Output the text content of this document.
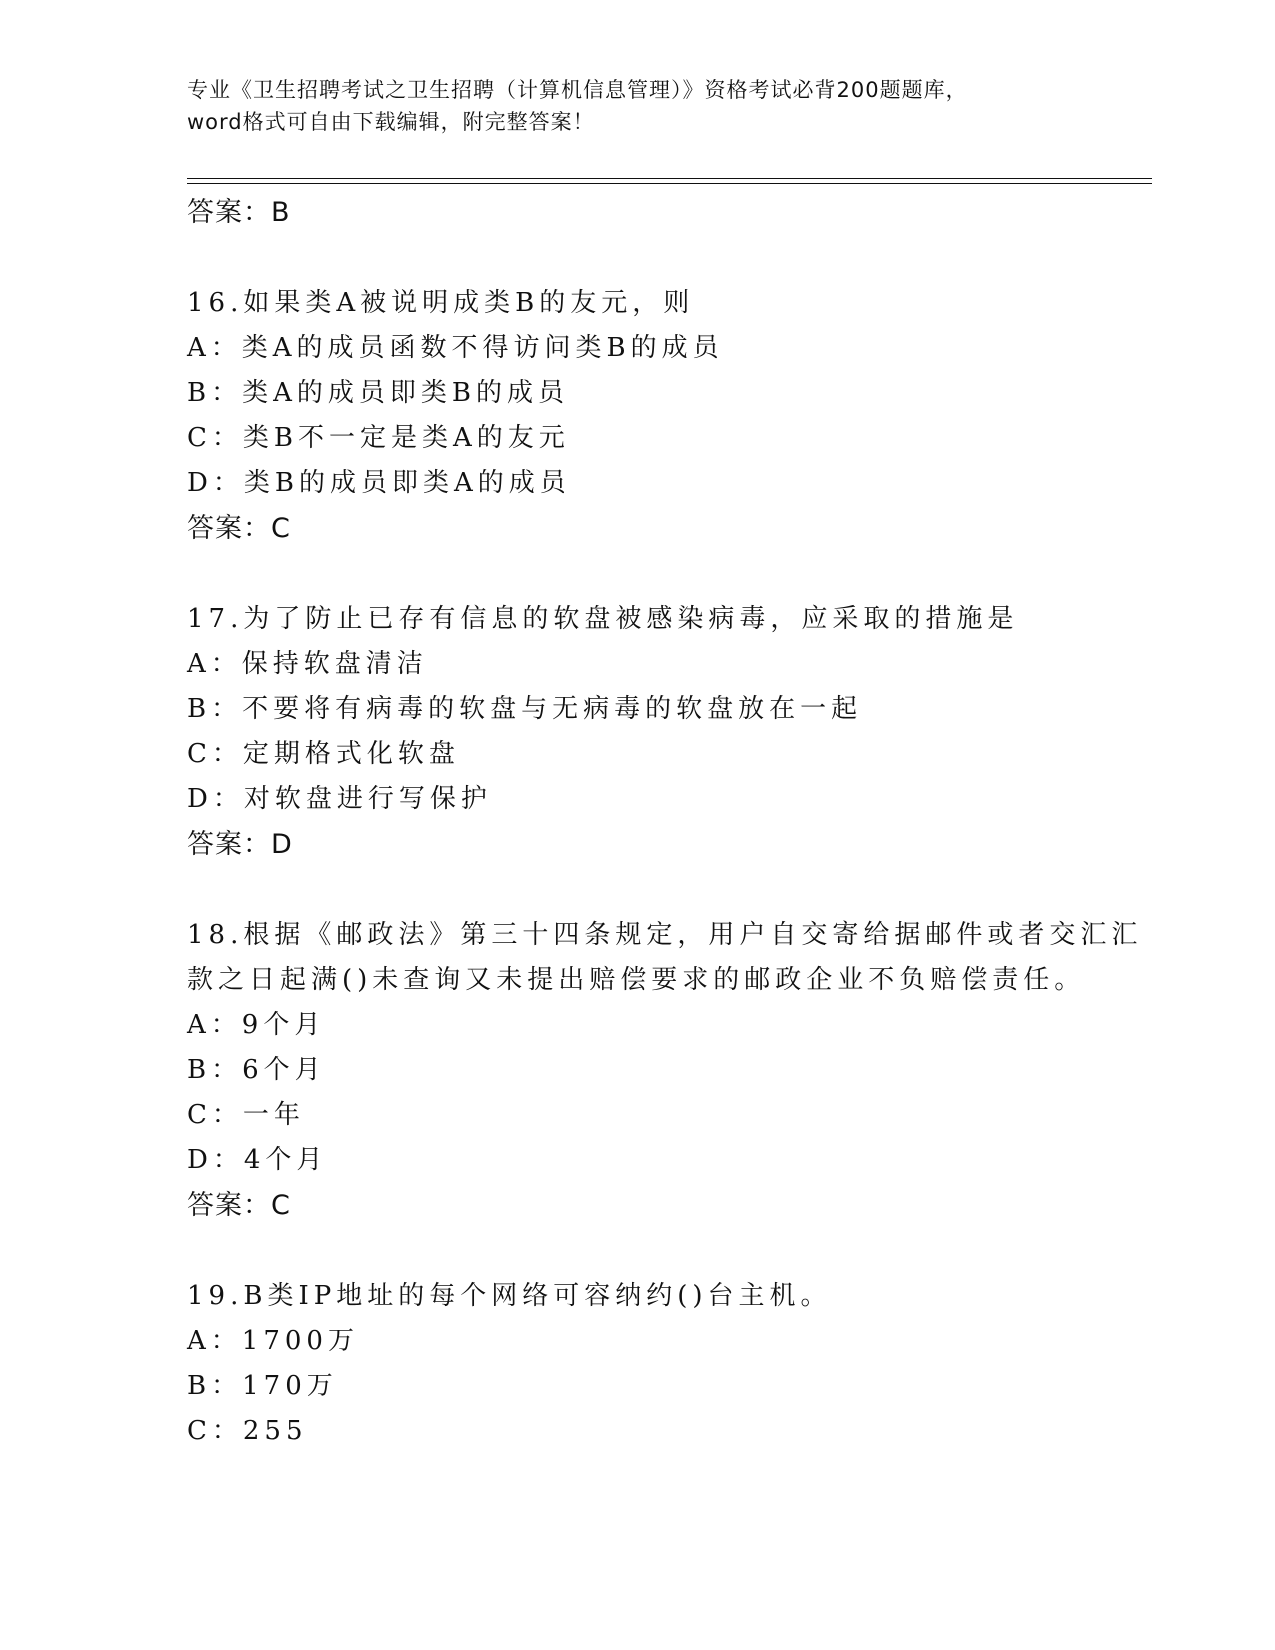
专业《卫生招聘考试之卫生招聘（计算机信息管理）》资格考试必背200题题库，
word格式可自由下载编辑，附完整答案！
答案：B
16.如果类A被说明成类B的友元，则
A：类A的成员函数不得访问类B的成员
B：类A的成员即类B的成员
C：类B不一定是类A的友元
D：类B的成员即类A的成员
答案：C
17.为了防止已存有信息的软盘被感染病毒，应采取的措施是
A：保持软盘清洁
B：不要将有病毒的软盘与无病毒的软盘放在一起
C：定期格式化软盘
D：对软盘进行写保护
答案：D
18.根据《邮政法》第三十四条规定，用户自交寄给据邮件或者交汇汇
款之日起满()未查询又未提出赔偿要求的邮政企业不负赔偿责任。
A：9个月
B：6个月
C：一年
D：4个月
答案：C
19.B类IP地址的每个网络可容纳约()台主机。
A：1700万
B：170万
C：255
